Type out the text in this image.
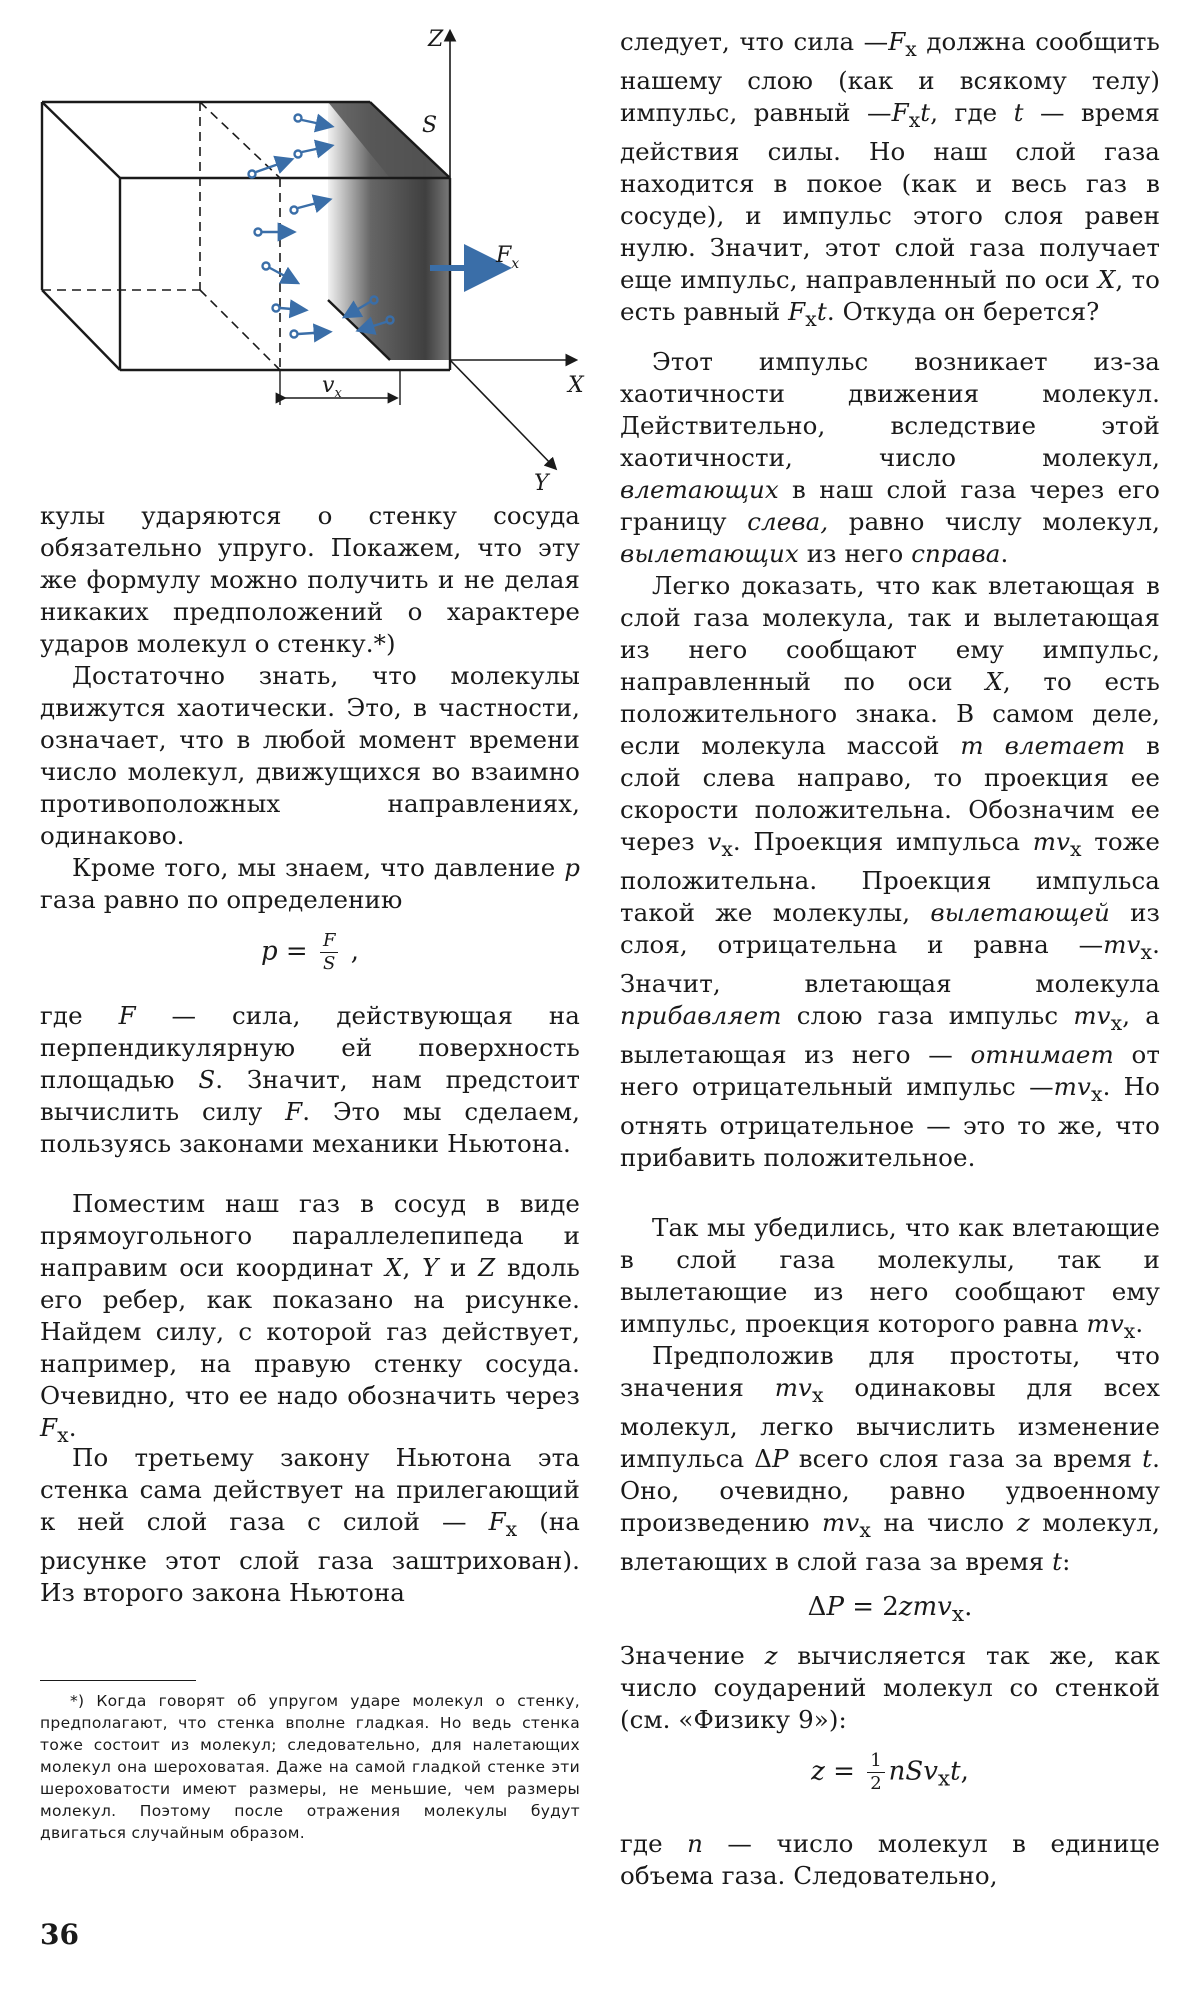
Z
X
Y
S
$F_x$
$v_x$

кулы ударяются о стенку сосуда обязательно упруго. Покажем, что эту же формулу можно получить и не делая никаких предположений о характере ударов молекул о стенку.*)

Достаточно знать, что молекулы движутся хаотически. Это, в частности, означает, что в любой момент времени число молекул, движущихся во взаимно противоположных направлениях, одинаково.

Кроме того, мы знаем, что давление p газа равно по определению

$p = \frac{F}{S}$ ,

где F — сила, действующая на перпендикулярную ей поверхность площадью S. Значит, нам предстоит вычислить силу F. Это мы сделаем, пользуясь законами механики Ньютона.

Поместим наш газ в сосуд в виде прямоугольного параллелепипеда и направим оси координат X, Y и Z вдоль его ребер, как показано на рисунке. Найдем силу, с которой газ действует, например, на правую стенку сосуда. Очевидно, что ее надо обозначить через $F_x$.

По третьему закону Ньютона эта стенка сама действует на прилегающий к ней слой газа с силой — $F_x$ (на рисунке этот слой газа заштрихован). Из второго закона Ньютона

*) Когда говорят об упругом ударе молекул о стенку, предполагают, что стенка вполне гладкая. Но ведь стенка тоже состоит из молекул; следовательно, для налетающих молекул она шероховатая. Даже на самой гладкой стенке эти шероховатости имеют размеры, не меньшие, чем размеры молекул. Поэтому после отражения молекулы будут двигаться случайным образом.

36

следует, что сила $—F_x$ должна сообщить нашему слою (как и всякому телу) импульс, равный $—F_xt$, где t — время действия силы. Но наш слой газа находится в покое (как и весь газ в сосуде), и импульс этого слоя равен нулю. Значит, этот слой газа получает еще импульс, направленный по оси X, то есть равный $F_xt$. Откуда он берется?

Этот импульс возникает из-за хаотичности движения молекул. Действительно, вследствие этой хаотичности, число молекул, влетающих в наш слой газа через его границу слева, равно числу молекул, вылетающих из него справа.

Легко доказать, что как влетающая в слой газа молекула, так и вылетающая из него сообщают ему импульс, направленный по оси X, то есть положительного знака. В самом деле, если молекула массой m влетает в слой слева направо, то проекция ее скорости положительна. Обозначим ее через $v_x$. Проекция импульса $mv_x$ тоже положительна. Проекция импульса такой же молекулы, вылетающей из слоя, отрицательна и равна $—mv_x$. Значит, влетающая молекула прибавляет слою газа импульс $mv_x$, а вылетающая из него — отнимает от него отрицательный импульс $—mv_x$. Но отнять отрицательное — это то же, что прибавить положительное.

Так мы убедились, что как влетающие в слой газа молекулы, так и вылетающие из него сообщают ему импульс, проекция которого равна $mv_x$.

Предположив для простоты, что значения $mv_x$ одинаковы для всех молекул, легко вычислить изменение импульса ΔP всего слоя газа за время t. Оно, очевидно, равно удвоенному произведению $mv_x$ на число z молекул, влетающих в слой газа за время t:

ΔP = 2zmv$_x$.

Значение z вычисляется так же, как число соударений молекул со стенкой (см. «Физику 9»):

$z = \frac{1}{2} nSv_xt$,

где n — число молекул в единице объема газа. Следовательно,
